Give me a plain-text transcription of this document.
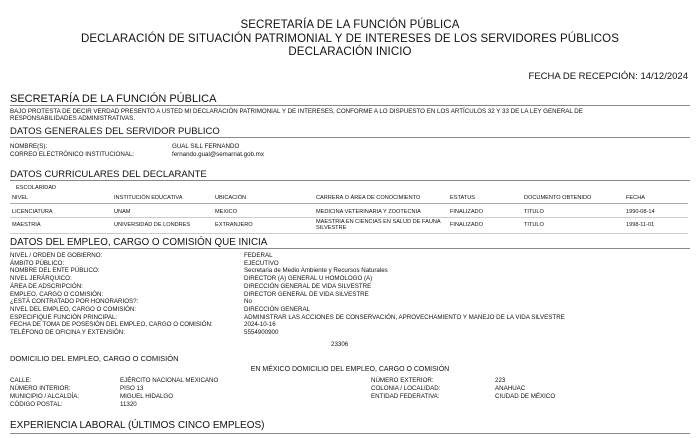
SECRETARÍA DE LA FUNCIÓN PÚBLICA
DECLARACIÓN DE SITUACIÓN PATRIMONIAL Y DE INTERESES DE LOS SERVIDORES PÚBLICOS
DECLARACIÓN INICIO
FECHA DE RECEPCIÓN: 14/12/2024
SECRETARÍA DE LA FUNCIÓN PÚBLICA
BAJO PROTESTA DE DECIR VERDAD PRESENTO A USTED MI DECLARACIÓN PATRIMONIAL Y DE INTERESES, CONFORME A LO DISPUESTO EN LOS ARTÍCULOS 32 Y 33 DE LA LEY GENERAL DE
RESPONSABILIDADES ADMINISTRATIVAS.
DATOS GENERALES DEL SERVIDOR PUBLICO
NOMBRE(S):	GUAL SILL FERNANDO
CORREO ELECTRÓNICO INSTITUCIONAL:	fernando.gual@semarnat.gob.mx
DATOS CURRICULARES DEL DECLARANTE
ESCOLARIDAD
NIVEL	INSTITUCIÓN EDUCATIVA	UBICACIÓN	CARRERA O ÁREA DE CONOCIMIENTO	ESTATUS	DOCUMENTO OBTENIDO	FECHA
LICENCIATURA	UNAM	MEXICO	MEDICINA VETERINARIA Y ZOOTECNIA	FINALIZADO	TITULO	1990-08-14
MAESTRIA	UNIVERSIDAD DE LONDRES	EXTRANJERO	MAESTRIA EN CIENCIAS EN SALUD DE FAUNA SILVESTRE	FINALIZADO	TITULO	1998-11-01
DATOS DEL EMPLEO, CARGO O COMISIÓN QUE INICIA
NIVEL / ORDEN DE GOBIERNO:	FEDERAL
ÁMBITO PÚBLICO:	EJECUTIVO
NOMBRE DEL ENTE PÚBLICO:	Secretaria de Medio Ambiente y Recursos Naturales
NIVEL JERÁRQUICO:	DIRECTOR (A) GENERAL U HOMOLOGO (A)
ÁREA DE ADSCRIPCIÓN:	DIRECCIÓN GENERAL DE VIDA SILVESTRE
EMPLEO, CARGO O COMISIÓN:	DIRECTOR GENERAL DE VIDA SILVESTRE
¿ESTÁ CONTRATADO POR HONORARIOS?:	No
NIVEL DEL EMPLEO, CARGO O COMISIÓN:	DIRECCIÓN GENERAL
ESPECIFIQUE FUNCIÓN PRINCIPAL:	ADMINISTRAR LAS ACCIONES DE CONSERVACIÓN, APROVECHAMIENTO Y MANEJO DE LA VIDA SILVESTRE
FECHA DE TOMA DE POSESIÓN DEL EMPLEO, CARGO O COMISIÓN:	2024-10-16
TELÉFONO DE OFICINA Y EXTENSIÓN:	5554900900
23306
DOMICILIO DEL EMPLEO, CARGO O COMISIÓN
EN MÉXICO DOMICILIO DEL EMPLEO, CARGO O COMISIÓN
CALLE:	EJÉRCITO NACIONAL MEXICANO
NÚMERO INTERIOR:	PISO 13
MUNICIPIO / ALCALDÍA:	MIGUEL HIDALGO
CÓDIGO POSTAL:	11320
NÚMERO EXTERIOR:	223
COLONIA / LOCALIDAD:	ANAHUAC
ENTIDAD FEDERATIVA:	CIUDAD DE MÉXICO
EXPERIENCIA LABORAL (ÚLTIMOS CINCO EMPLEOS)
